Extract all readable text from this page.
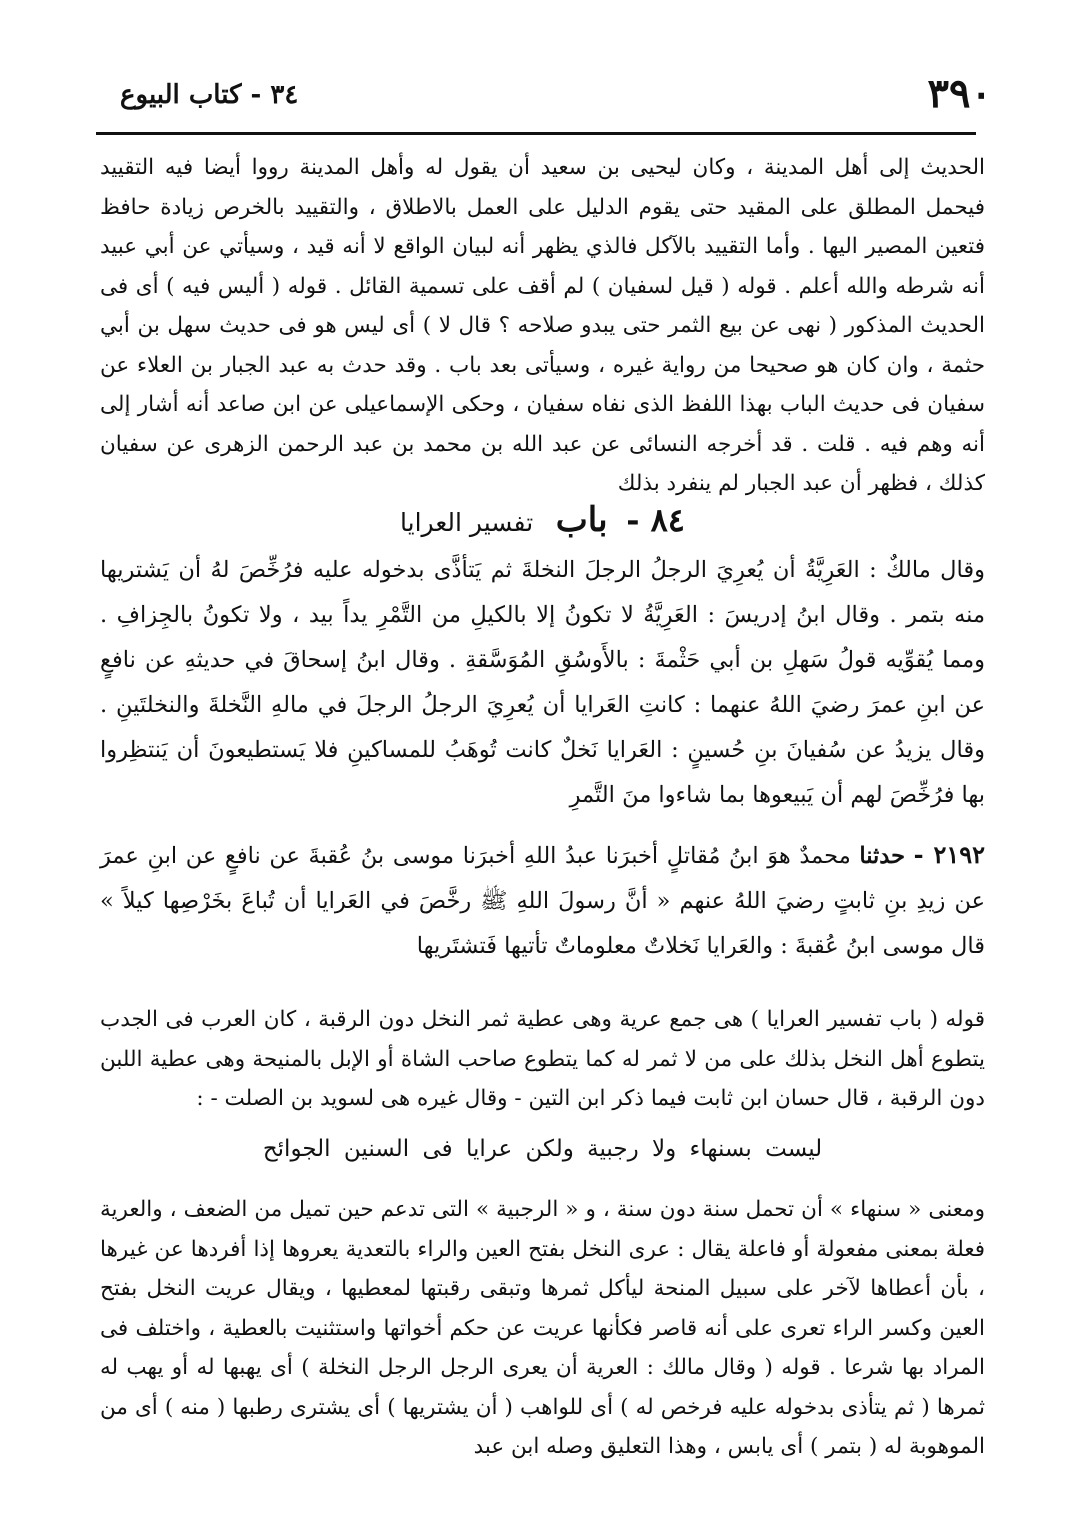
٣٩٠
٣٤ - كتاب البيوع
الحديث إلى أهل المدينة ، وكان ليحيى بن سعيد أن يقول له وأهل المدينة رووا أيضا فيه التقييد فيحمل المطلق على المقيد حتى يقوم الدليل على العمل بالاطلاق ، والتقييد بالخرص زيادة حافظ فتعين المصير اليها . وأما التقييد بالآكل فالذي يظهر أنه لبيان الواقع لا أنه قيد ، وسيأتي عن أبي عبيد أنه شرطه والله أعلم . قوله ( قيل لسفيان ) لم أقف على تسمية القائل . قوله ( أليس فيه ) أى فى الحديث المذكور ( نهى عن بيع الثمر حتى يبدو صلاحه ؟ قال لا ) أى ليس هو فى حديث سهل بن أبي حثمة ، وان كان هو صحيحا من رواية غيره ، وسيأتى بعد باب . وقد حدث به عبد الجبار بن العلاء عن سفيان فى حديث الباب بهذا اللفظ الذى نفاه سفيان ، وحكى الإسماعيلى عن ابن صاعد أنه أشار إلى أنه وهم فيه . قلت . قد أخرجه النسائى عن عبد الله بن محمد بن عبد الرحمن الزهرى عن سفيان كذلك ، فظهر أن عبد الجبار لم ينفرد بذلك
٨٤ - باب تفسير العرايا
وقال مالكٌ : العَرِيَّةُ أن يُعرِيَ الرجلُ الرجلَ النخلةَ ثم يَتأذَّى بدخوله عليه فرُخِّصَ لهُ أن يَشتريها منه بتمر . وقال ابنُ إدريسَ : العَرِيَّةُ لا تكونُ إلا بالكيلِ من التَّمْرِ يداً بيد ، ولا تكونُ بالجِزافِ . ومما يُقوِّيه قولُ سَهلِ بن أبي حَثْمةَ : بالأَوسُقِ المُوَسَّقةِ . وقال ابنُ إسحاقَ في حديثهِ عن نافعٍ عن ابنِ عمرَ رضيَ اللهُ عنهما : كانتِ العَرايا أن يُعرِيَ الرجلُ الرجلَ في مالهِ النَّخلةَ والنخلتَينِ . وقال يزيدُ عن سُفيانَ بنِ حُسينٍ : العَرايا نَخلٌ كانت تُوهَبُ للمساكينِ فلا يَستطيعونَ أن يَنتظِروا بها فرُخِّصَ لهم أن يَبيعوها بما شاءوا منَ التَّمرِ
٢١٩٢ - حدثنا محمدٌ هوَ ابنُ مُقاتلٍ أخبرَنا عبدُ اللهِ أخبرَنا موسى بنُ عُقبةَ عن نافعٍ عن ابنِ عمرَ عن زيدِ بنِ ثابتٍ رضيَ اللهُ عنهم « أنَّ رسولَ اللهِ ﷺ رخَّصَ في العَرايا أن تُباعَ بخَرْصِها كيلاً » قال موسى ابنُ عُقبةَ : والعَرايا نَخلاتٌ معلوماتٌ تأتيها فَتشتَريها
قوله ( باب تفسير العرايا ) هى جمع عرية وهى عطية ثمر النخل دون الرقبة ، كان العرب فى الجدب يتطوع أهل النخل بذلك على من لا ثمر له كما يتطوع صاحب الشاة أو الإبل بالمنيحة وهى عطية اللبن دون الرقبة ، قال حسان ابن ثابت فيما ذكر ابن التين - وقال غيره هى لسويد بن الصلت - :
ليست بسنهاء ولا رجبية ولكن عرايا فى السنين الجوائح
ومعنى « سنهاء » أن تحمل سنة دون سنة ، و « الرجبية » التى تدعم حين تميل من الضعف ، والعرية فعلة بمعنى مفعولة أو فاعلة يقال : عرى النخل بفتح العين والراء بالتعدية يعروها إذا أفردها عن غيرها ، بأن أعطاها لآخر على سبيل المنحة ليأكل ثمرها وتبقى رقبتها لمعطيها ، ويقال عريت النخل بفتح العين وكسر الراء تعرى على أنه قاصر فكأنها عريت عن حكم أخواتها واستثنيت بالعطية ، واختلف فى المراد بها شرعا . قوله ( وقال مالك : العرية أن يعرى الرجل الرجل النخلة ) أى يهبها له أو يهب له ثمرها ( ثم يتأذى بدخوله عليه فرخص له ) أى للواهب ( أن يشتريها ) أى يشترى رطبها ( منه ) أى من الموهوبة له ( بتمر ) أى يابس ، وهذا التعليق وصله ابن عبد
